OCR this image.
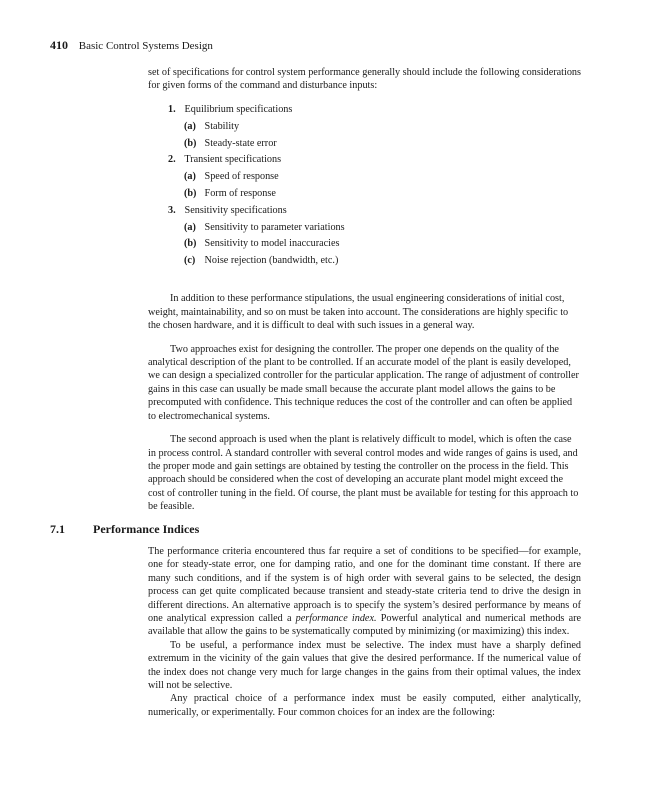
410 Basic Control Systems Design

set of specifications for control system performance generally should include the following considerations for given forms of the command and disturbance inputs:

1. Equilibrium specifications
(a) Stability
(b) Steady-state error
2. Transient specifications
(a) Speed of response
(b) Form of response
3. Sensitivity specifications
(a) Sensitivity to parameter variations
(b) Sensitivity to model inaccuracies
(c) Noise rejection (bandwidth, etc.)

In addition to these performance stipulations, the usual engineering considerations of initial cost, weight, maintainability, and so on must be taken into account. The considerations are highly specific to the chosen hardware, and it is difficult to deal with such issues in a general way.

Two approaches exist for designing the controller. The proper one depends on the quality of the analytical description of the plant to be controlled. If an accurate model of the plant is easily developed, we can design a specialized controller for the particular application. The range of adjustment of controller gains in this case can usually be made small because the accurate plant model allows the gains to be precomputed with confidence. This technique reduces the cost of the controller and can often be applied to electromechanical systems.

The second approach is used when the plant is relatively difficult to model, which is often the case in process control. A standard controller with several control modes and wide ranges of gains is used, and the proper mode and gain settings are obtained by testing the controller on the process in the field. This approach should be considered when the cost of developing an accurate plant model might exceed the cost of controller tuning in the field. Of course, the plant must be available for testing for this approach to be feasible.

7.1 Performance Indices

The performance criteria encountered thus far require a set of conditions to be specified—for example, one for steady-state error, one for damping ratio, and one for the dominant time constant. If there are many such conditions, and if the system is of high order with several gains to be selected, the design process can get quite complicated because transient and steady-state criteria tend to drive the design in different directions. An alternative approach is to specify the system’s desired performance by means of one analytical expression called a performance index. Powerful analytical and numerical methods are available that allow the gains to be systematically computed by minimizing (or maximizing) this index.

To be useful, a performance index must be selective. The index must have a sharply defined extremum in the vicinity of the gain values that give the desired performance. If the numerical value of the index does not change very much for large changes in the gains from their optimal values, the index will not be selective.

Any practical choice of a performance index must be easily computed, either analytically, numerically, or experimentally. Four common choices for an index are the following:
